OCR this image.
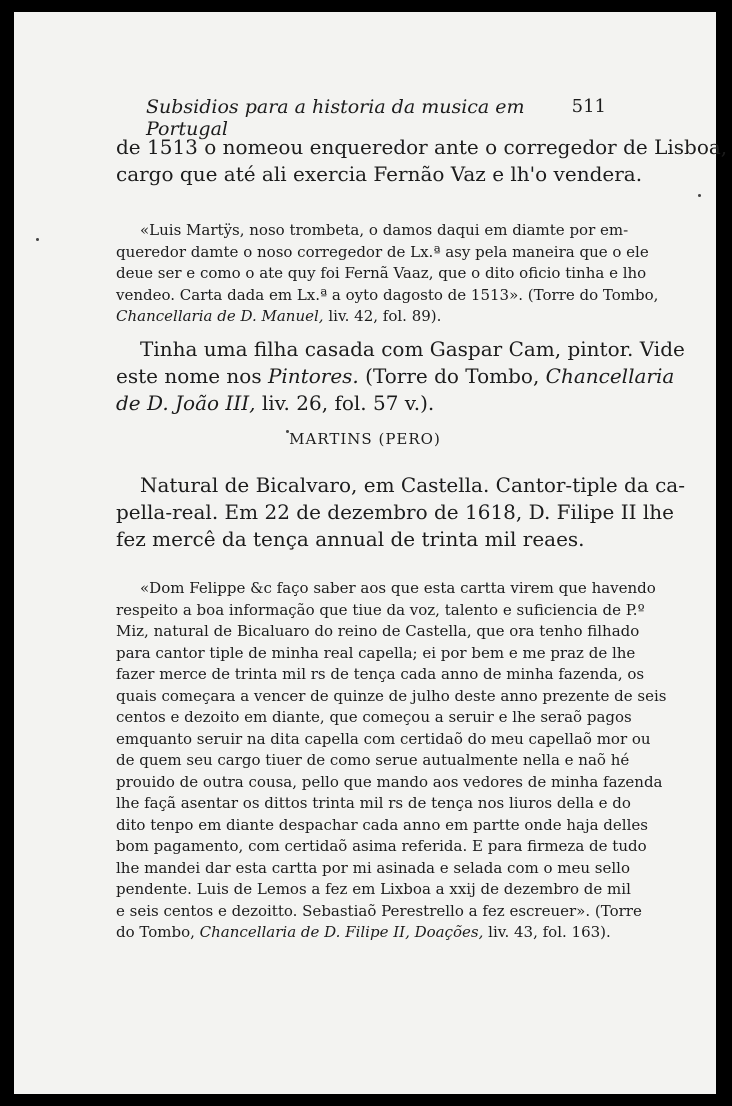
Subsidios para a historia da musica em Portugal
511
de 1513 o nomeou enqueredor ante o corregedor de Lisboa,
cargo que até ali exercia Fernão Vaz e lh'o vendera.
«Luis Martÿs, noso trombeta, o damos daqui em diamte por em-
queredor damte o noso corregedor de Lx.ª asy pela maneira que o ele
deue ser e como o ate quy foi Fernã Vaaz, que o dito oficio tinha e lho
vendeo. Carta dada em Lx.ª a oyto dagosto de 1513». (Torre do Tombo,
Chancellaria de D. Manuel, liv. 42, fol. 89).
Tinha uma filha casada com Gaspar Cam, pintor. Vide
este nome nos Pintores. (Torre do Tombo, Chancellaria
de D. João III, liv. 26, fol. 57 v.).
MARTINS (PERO)
Natural de Bicalvaro, em Castella. Cantor-tiple da ca-
pella-real. Em 22 de dezembro de 1618, D. Filipe II lhe
fez mercê da tença annual de trinta mil reaes.
«Dom Felippe &c faço saber aos que esta cartta virem que havendo
respeito a boa informação que tiue da voz, talento e suficiencia de P.º
Miz, natural de Bicaluaro do reino de Castella, que ora tenho filhado
para cantor tiple de minha real capella; ei por bem e me praz de lhe
fazer merce de trinta mil rs de tença cada anno de minha fazenda, os
quais começara a vencer de quinze de julho deste anno prezente de seis
centos e dezoito em diante, que começou a seruir e lhe seraõ pagos
emquanto seruir na dita capella com certidaõ do meu capellaõ mor ou
de quem seu cargo tiuer de como serue autualmente nella e naõ hé
prouido de outra cousa, pello que mando aos vedores de minha fazenda
lhe façã asentar os dittos trinta mil rs de tença nos liuros della e do
dito tenpo em diante despachar cada anno em partte onde haja delles
bom pagamento, com certidaõ asima referida. E para firmeza de tudo
lhe mandei dar esta cartta por mi asinada e selada com o meu sello
pendente. Luis de Lemos a fez em Lixboa a xxij de dezembro de mil
e seis centos e dezoitto. Sebastiaõ Perestrello a fez escreuer». (Torre
do Tombo, Chancellaria de D. Filipe II, Doações, liv. 43, fol. 163).
